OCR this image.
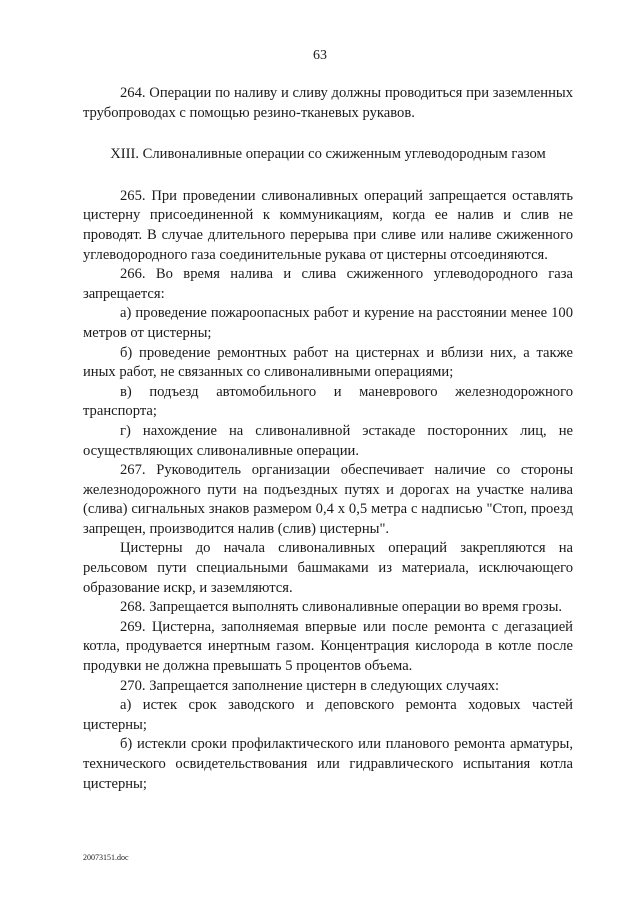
63

264. Операции по наливу и сливу должны проводиться при заземленных трубопроводах с помощью резино-тканевых рукавов.

XIII. Сливоналивные операции со сжиженным углеводородным газом

265. При проведении сливоналивных операций запрещается оставлять цистерну присоединенной к коммуникациям, когда ее налив и слив не проводят. В случае длительного перерыва при сливе или наливе сжиженного углеводородного газа соединительные рукава от цистерны отсоединяются.

266. Во время налива и слива сжиженного углеводородного газа запрещается:

а) проведение пожароопасных работ и курение на расстоянии менее 100 метров от цистерны;

б) проведение ремонтных работ на цистернах и вблизи них, а также иных работ, не связанных со сливоналивными операциями;

в) подъезд автомобильного и маневрового железнодорожного транспорта;

г) нахождение на сливоналивной эстакаде посторонних лиц, не осуществляющих сливоналивные операции.

267. Руководитель организации обеспечивает наличие со стороны железнодорожного пути на подъездных путях и дорогах на участке налива (слива) сигнальных знаков размером 0,4 х 0,5 метра с надписью "Стоп, проезд запрещен, производится налив (слив) цистерны".

Цистерны до начала сливоналивных операций закрепляются на рельсовом пути специальными башмаками из материала, исключающего образование искр, и заземляются.

268. Запрещается выполнять сливоналивные операции во время грозы.

269. Цистерна, заполняемая впервые или после ремонта с дегазацией котла, продувается инертным газом. Концентрация кислорода в котле после продувки не должна превышать 5 процентов объема.

270. Запрещается заполнение цистерн в следующих случаях:

а) истек срок заводского и деповского ремонта ходовых частей цистерны;

б) истекли сроки профилактического или планового ремонта арматуры, технического освидетельствования или гидравлического испытания котла цистерны;

20073151.doc
